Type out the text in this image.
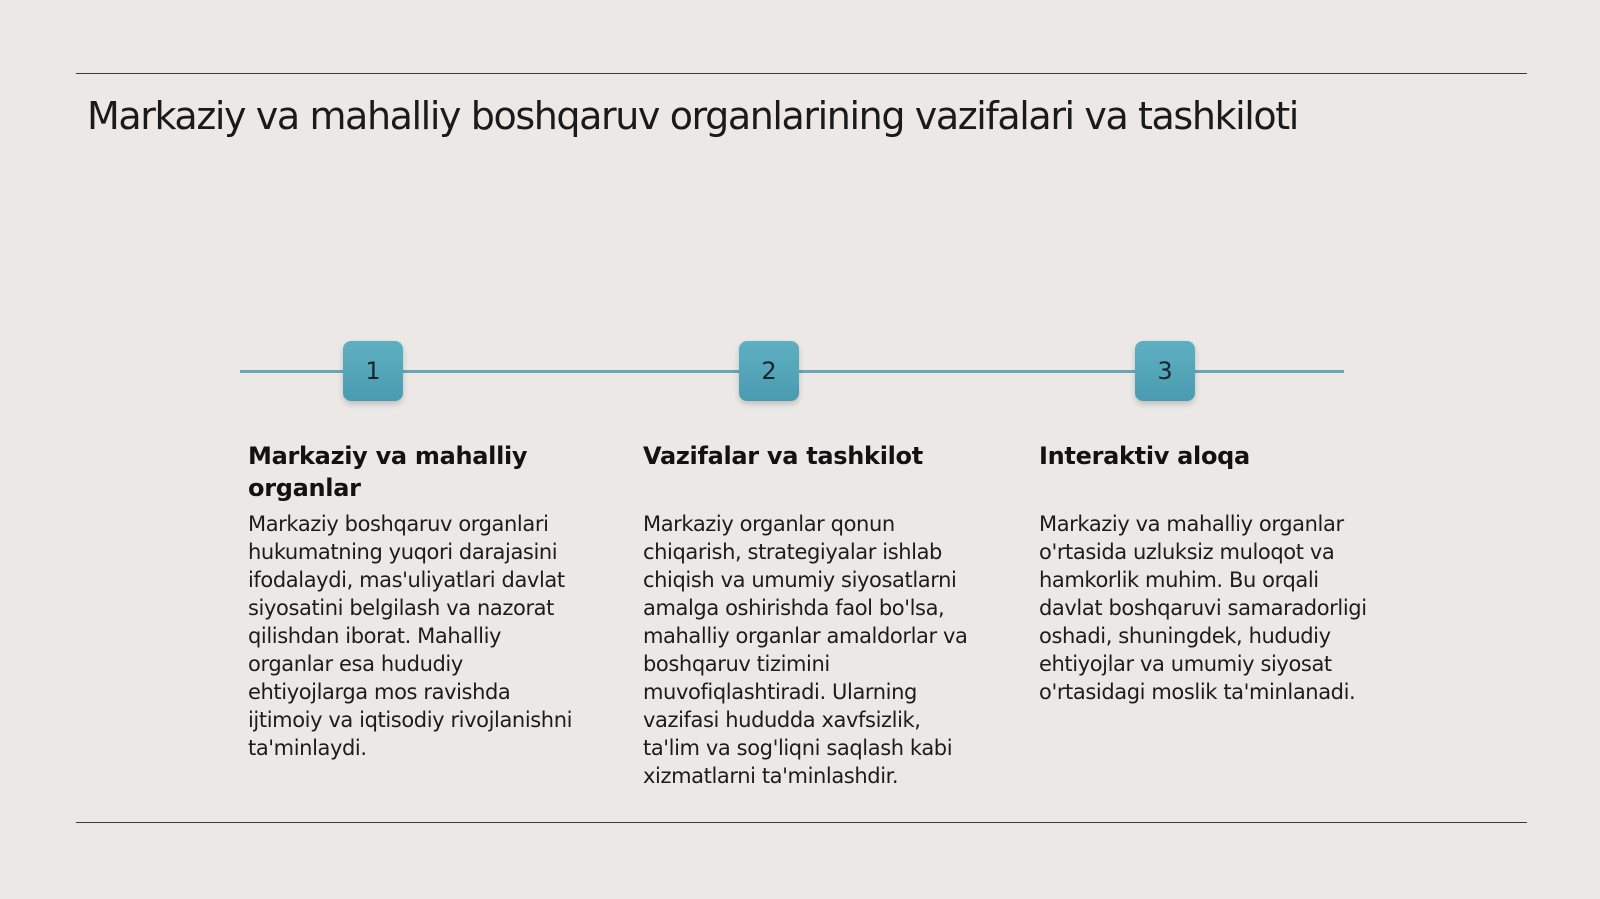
Markaziy va mahalliy boshqaruv organlarining vazifalari va tashkiloti
1	2	3
Markaziy va mahalliy organlar

Markaziy boshqaruv organlari hukumatning yuqori darajasini ifodalaydi, mas'uliyatlari davlat siyosatini belgilash va nazorat qilishdan iborat. Mahalliy organlar esa hududiy ehtiyojlarga mos ravishda ijtimoiy va iqtisodiy rivojlanishni ta'minlaydi.

Vazifalar va tashkilot

Markaziy organlar qonun chiqarish, strategiyalar ishlab chiqish va umumiy siyosatlarni amalga oshirishda faol bo'lsa, mahalliy organlar amaldorlar va boshqaruv tizimini muvofiqlashtiradi. Ularning vazifasi hududda xavfsizlik, ta'lim va sog'liqni saqlash kabi xizmatlarni ta'minlashdir.

Interaktiv aloqa

Markaziy va mahalliy organlar o'rtasida uzluksiz muloqot va hamkorlik muhim. Bu orqali davlat boshqaruvi samaradorligi oshadi, shuningdek, hududiy ehtiyojlar va umumiy siyosat o'rtasidagi moslik ta'minlanadi.
